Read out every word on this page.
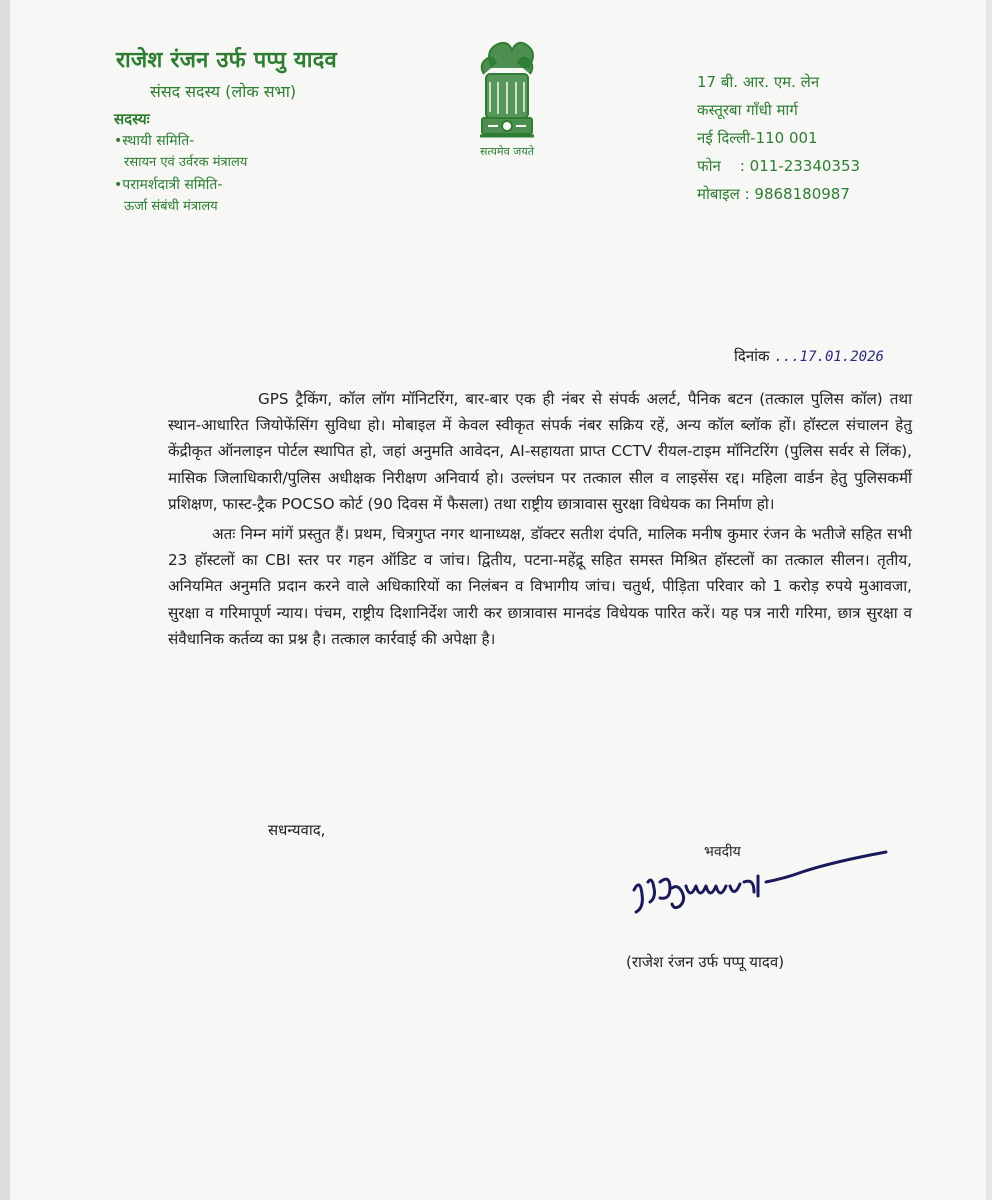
राजेश रंजन उर्फ पप्पु यादव
संसद सदस्य (लोक सभा)
सदस्यः
•स्थायी समिति-
रसायन एवं उर्वरक मंत्रालय
•परामर्शदात्री समिति-
ऊर्जा संबंधी मंत्रालय
सत्यमेव जयते
17 बी. आर. एम. लेन
कस्तूरबा गाँधी मार्ग
नई दिल्ली-110 001
फोन    : 011-23340353
मोबाइल : 9868180987
दिनांक ...17.01.2026

GPS ट्रैकिंग, कॉल लॉग मॉनिटरिंग, बार-बार एक ही नंबर से संपर्क अलर्ट, पैनिक बटन (तत्काल पुलिस कॉल) तथा स्थान-आधारित जियोफेंसिंग सुविधा हो। मोबाइल में केवल स्वीकृत संपर्क नंबर सक्रिय रहें, अन्य कॉल ब्लॉक हों। हॉस्टल संचालन हेतु केंद्रीकृत ऑनलाइन पोर्टल स्थापित हो, जहां अनुमति आवेदन, AI-सहायता प्राप्त CCTV रीयल-टाइम मॉनिटरिंग (पुलिस सर्वर से लिंक), मासिक जिलाधिकारी/पुलिस अधीक्षक निरीक्षण अनिवार्य हो। उल्लंघन पर तत्काल सील व लाइसेंस रद्द। महिला वार्डन हेतु पुलिसकर्मी प्रशिक्षण, फास्ट-ट्रैक POCSO कोर्ट (90 दिवस में फैसला) तथा राष्ट्रीय छात्रावास सुरक्षा विधेयक का निर्माण हो।

अतः निम्न मांगें प्रस्तुत हैं। प्रथम, चित्रगुप्त नगर थानाध्यक्ष, डॉक्टर सतीश दंपति, मालिक मनीष कुमार रंजन के भतीजे सहित सभी 23 हॉस्टलों का CBI स्तर पर गहन ऑडिट व जांच। द्वितीय, पटना-महेंद्रू सहित समस्त मिश्रित हॉस्टलों का तत्काल सीलन। तृतीय, अनियमित अनुमति प्रदान करने वाले अधिकारियों का निलंबन व विभागीय जांच। चतुर्थ, पीड़िता परिवार को 1 करोड़ रुपये मुआवजा, सुरक्षा व गरिमापूर्ण न्याय। पंचम, राष्ट्रीय दिशानिर्देश जारी कर छात्रावास मानदंड विधेयक पारित करें। यह पत्र नारी गरिमा, छात्र सुरक्षा व संवैधानिक कर्तव्य का प्रश्न है। तत्काल कार्रवाई की अपेक्षा है।

सधन्यवाद,
भवदीय
(राजेश रंजन उर्फ पप्पू यादव)
